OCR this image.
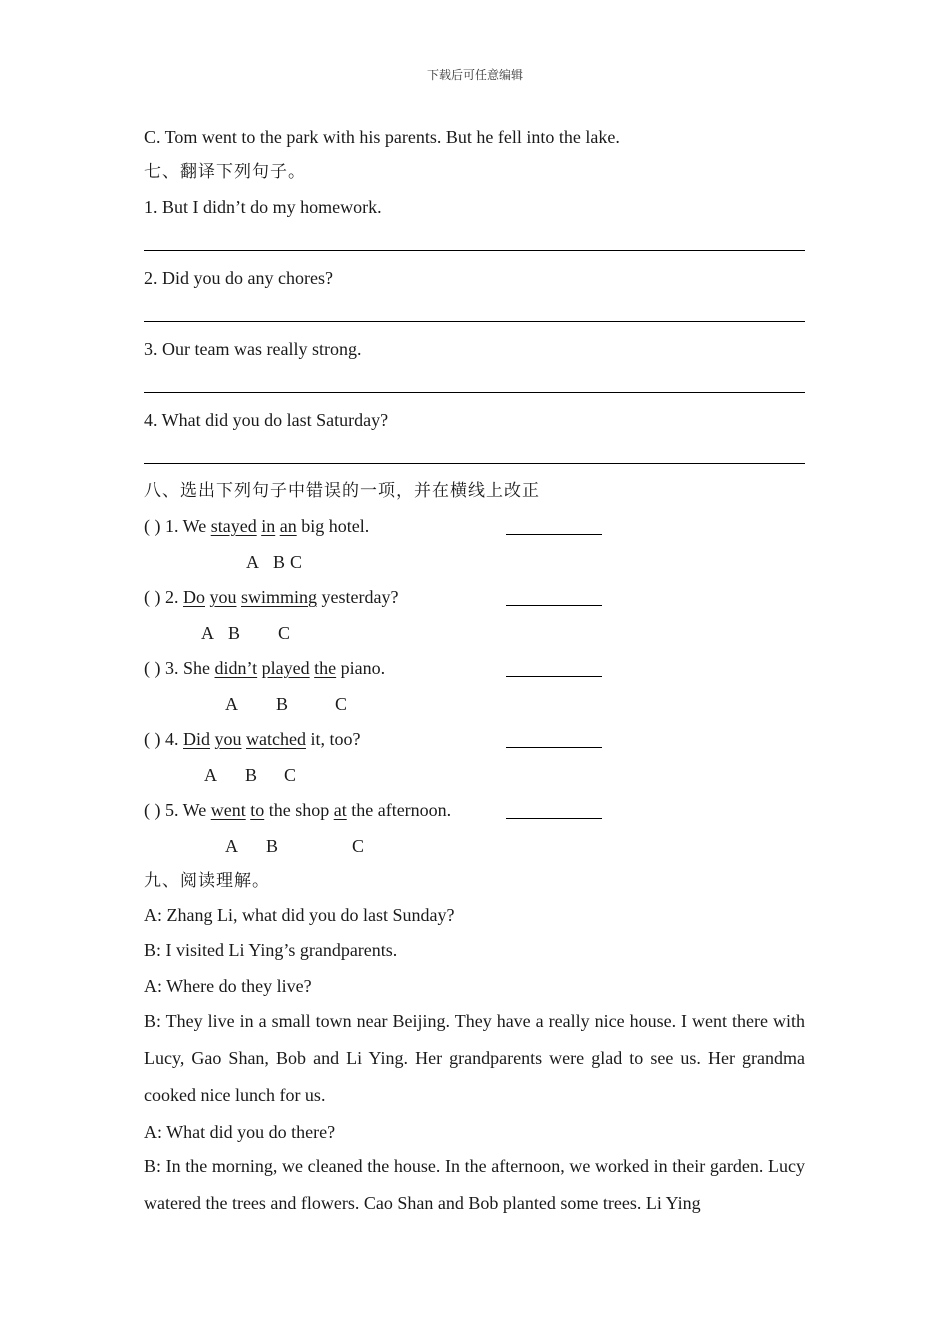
下载后可任意编辑
C. Tom went to the park with his parents. But he fell into the lake.
七、翻译下列句子。
1. But I didn’t do my homework.
2. Did you do any chores?
3. Our team was really strong.
4. What did you do last Saturday?
八、选出下列句子中错误的一项，并在横线上改正
( ) 1. We stayed in an big hotel.
A B C
( ) 2. Do you swimming yesterday?
A B C
( ) 3. She didn’t played the piano.
A B	C
( ) 4. Did you watched it, too?
A B C
( ) 5. We went to the shop at the afternoon.
A B	C
九、阅读理解。
A: Zhang Li, what did you do last Sunday?
B: I visited Li Ying’s grandparents.
A: Where do they live?
B: They live in a small town near Beijing. They have a really nice house. I went there with Lucy, Gao Shan, Bob and Li Ying. Her grandparents were glad to see us. Her grandma cooked nice lunch for us.
A: What did you do there?
B: In the morning, we cleaned the house. In the afternoon, we worked in their garden. Lucy watered the trees and flowers. Cao Shan and Bob planted some trees. Li Ying
